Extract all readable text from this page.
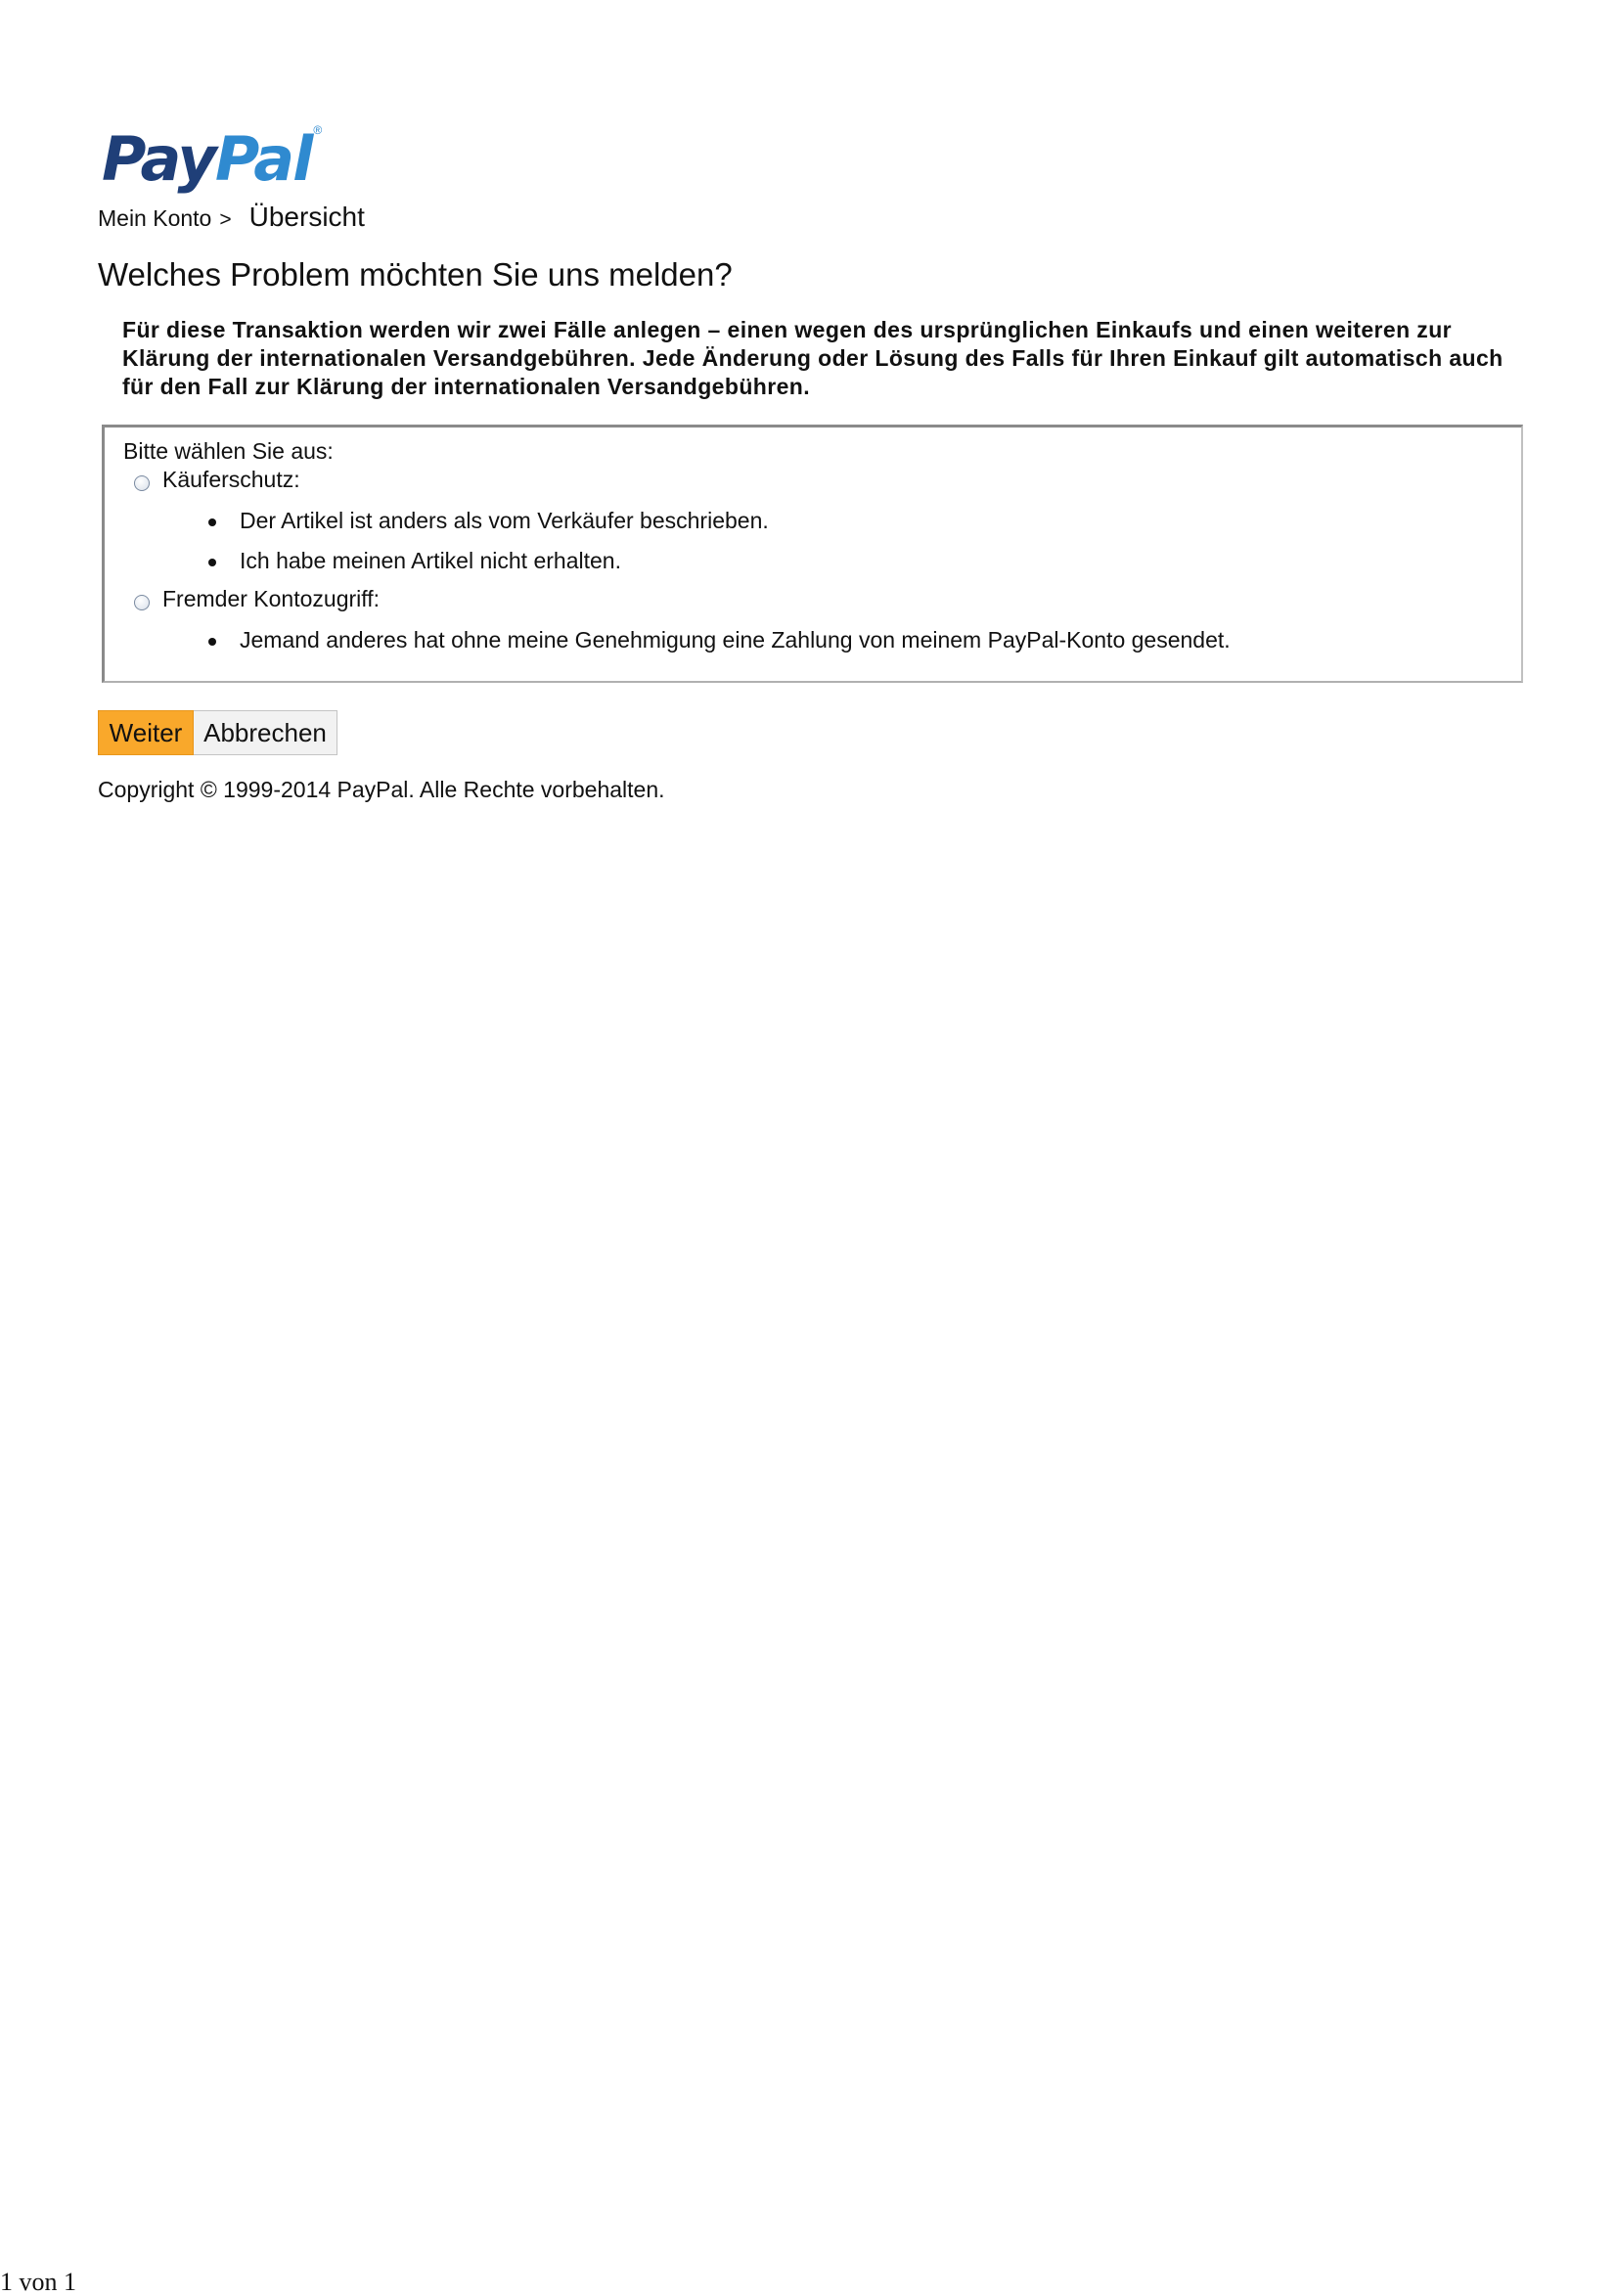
Pay Pal ®
Mein Konto > Übersicht
Welches Problem möchten Sie uns melden?

Für diese Transaktion werden wir zwei Fälle anlegen – einen wegen des ursprünglichen Einkaufs und einen weiteren zur Klärung der internationalen Versandgebühren. Jede Änderung oder Lösung des Falls für Ihren Einkauf gilt automatisch auch für den Fall zur Klärung der internationalen Versandgebühren.

Bitte wählen Sie aus:
Käuferschutz:
Der Artikel ist anders als vom Verkäufer beschrieben.
Ich habe meinen Artikel nicht erhalten.
Fremder Kontozugriff:
Jemand anderes hat ohne meine Genehmigung eine Zahlung von meinem PayPal-Konto gesendet.
Weiter Abbrechen
Copyright © 1999-2014 PayPal. Alle Rechte vorbehalten.
1 von 1
